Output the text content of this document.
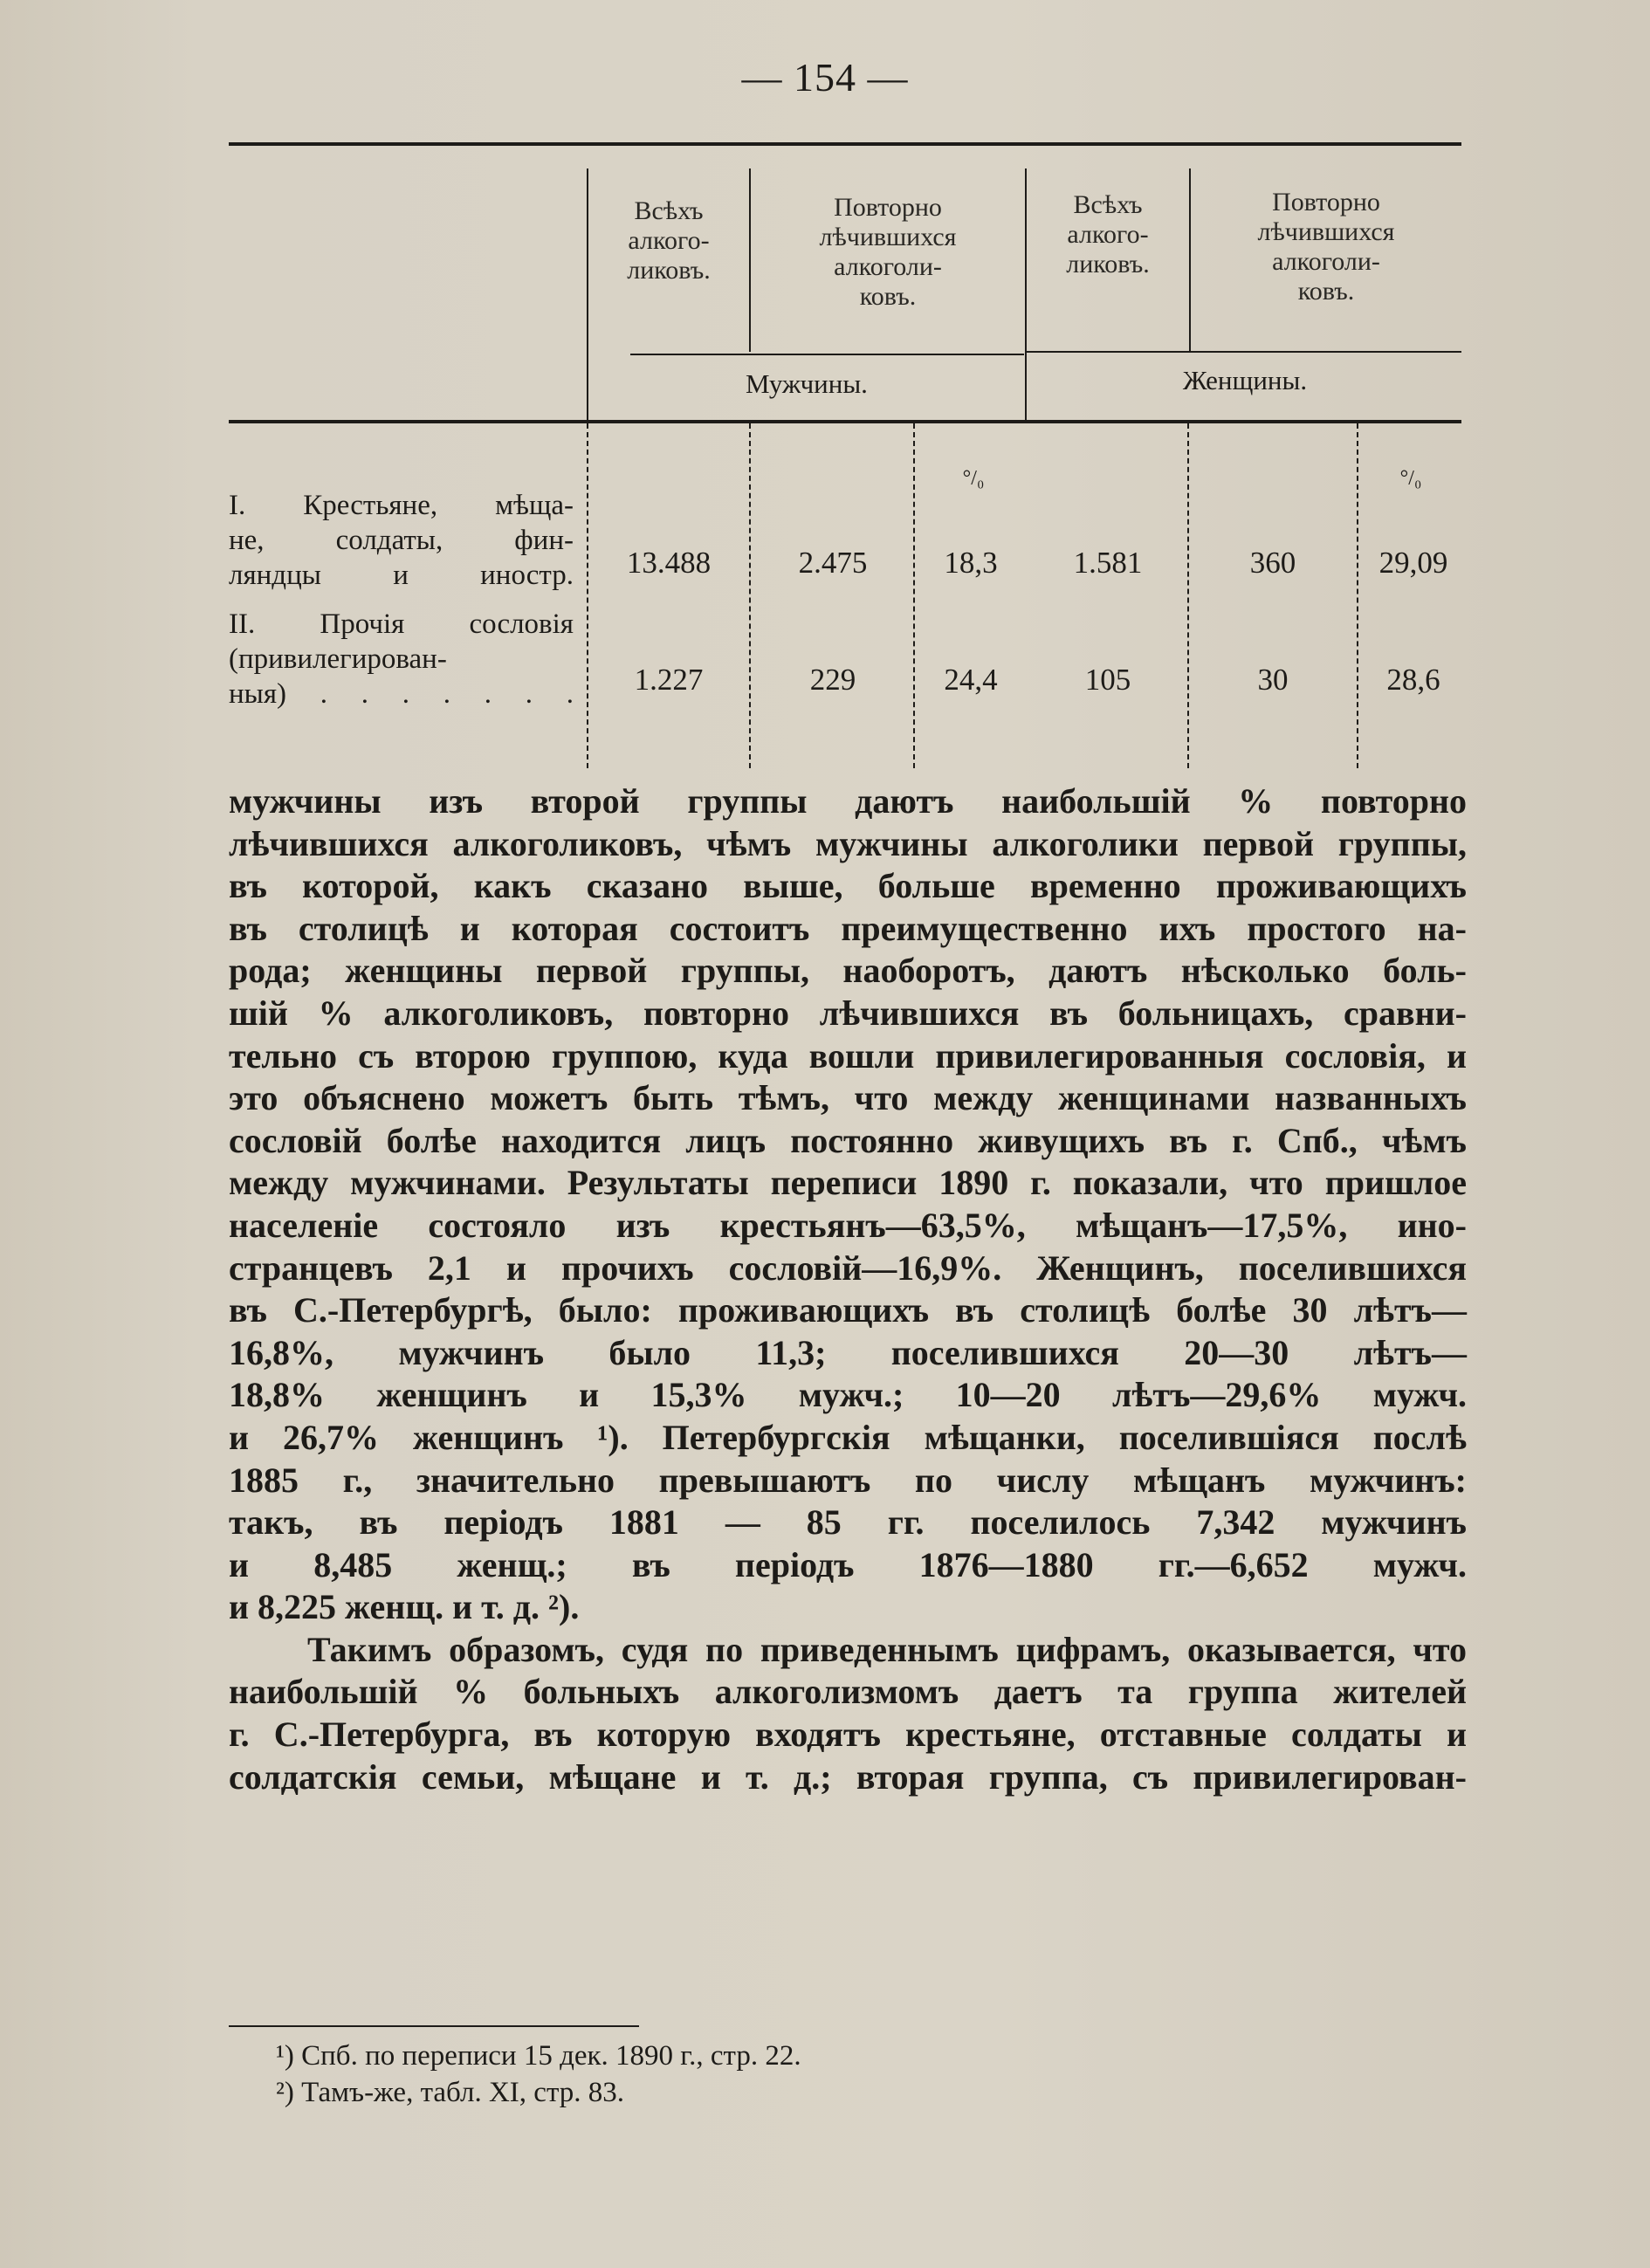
— 154 —
Всѣхъ
алкого-
ликовъ.
Повторно
лѣчившихся
алкоголи-
ковъ.
Всѣхъ
алкого-
ликовъ.
Повторно
лѣчившихся
алкоголи-
ковъ.
Мужчины.	Женщины.
°/₀	°/₀
I. Крестьяне, мѣща-
не, солдаты, фин-
ляндцы и иностр.	13.488	2.475	18,3	1.581	360	29,09
II. Прочія сословія
(привилегирован-
ныя) . . . . . . .	1.227	229	24,4	105	30	28,6
мужчины изъ второй группы даютъ наибольшій % повторно
лѣчившихся алкоголиковъ, чѣмъ мужчины алкоголики первой группы,
въ которой, какъ сказано выше, больше временно проживающихъ
въ столицѣ и которая состоитъ преимущественно ихъ простого на-
рода; женщины первой группы, наоборотъ, даютъ нѣсколько боль-
шій % алкоголиковъ, повторно лѣчившихся въ больницахъ, сравни-
тельно съ второю группою, куда вошли привилегированныя сословія, и
это объяснено можетъ быть тѣмъ, что между женщинами названныхъ
сословій болѣе находится лицъ постоянно живущихъ въ г. Спб., чѣмъ
между мужчинами. Результаты переписи 1890 г. показали, что пришлое
населеніе состояло изъ крестьянъ—63,5%, мѣщанъ—17,5%, ино-
странцевъ 2,1 и прочихъ сословій—16,9%. Женщинъ, поселившихся
въ С.-Петербургѣ, было: проживающихъ въ столицѣ болѣе 30 лѣтъ—
16,8%, мужчинъ было 11,3; поселившихся 20—30 лѣтъ—
18,8% женщинъ и 15,3% мужч.; 10—20 лѣтъ—29,6% мужч.
и 26,7% женщинъ ¹). Петербургскія мѣщанки, поселившіяся послѣ
1885 г., значительно превышаютъ по числу мѣщанъ мужчинъ:
такъ, въ періодъ 1881 — 85 гг. поселилось 7,342 мужчинъ
и 8,485 женщ.; въ періодъ 1876—1880 гг.—6,652 мужч.
и 8,225 женщ. и т. д. ²).
Такимъ образомъ, судя по приведеннымъ цифрамъ, оказывается, что
наибольшій % больныхъ алкоголизмомъ даетъ та группа жителей
г. С.-Петербурга, въ которую входятъ крестьяне, отставные солдаты и
солдатскія семьи, мѣщане и т. д.; вторая группа, съ привилегирован-
¹) Спб. по переписи 15 дек. 1890 г., стр. 22.
²) Тамъ-же, табл. XI, стр. 83.
